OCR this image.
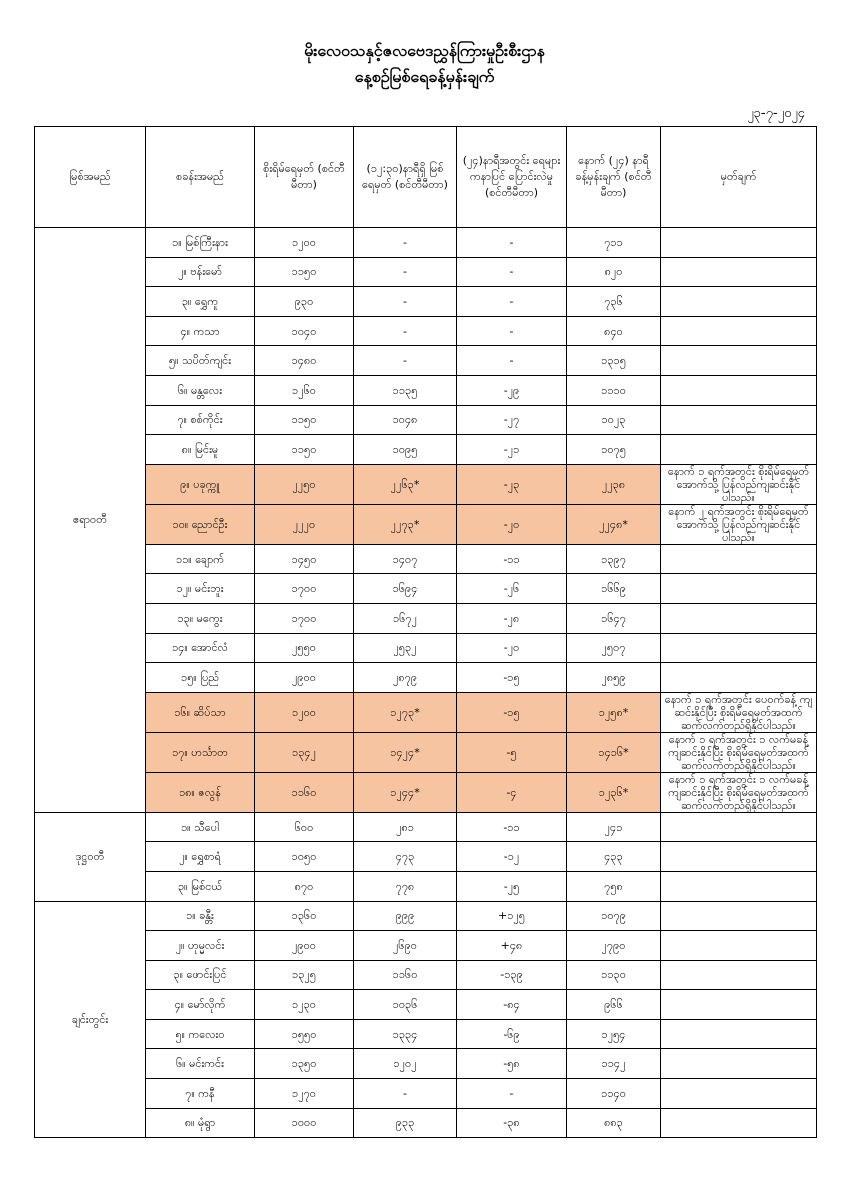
မိုးလေဝသနှင့်ဇလဗေဒညွှန်ကြားမှုဦးစီးဌာန
နေ့စဉ်မြစ်ရေခန့်မှန်းချက်
၂၃-၇-၂၀၂၄
မြစ်အမည်	စခန်းအမည်	စိုးရိမ်ရေမှတ် (စင်တီမီတာ)	(၁၂:၃၀)နာရီရှိ မြစ်ရေမှတ် (စင်တီမီတာ)	(၂၄)နာရီအတွင်း ရေများကနာပြင် ပြောင်းလဲမှု (စင်တီမီတာ)	နောက် (၂၄) နာရီ ခန့်မှန်းချက် (စင်တီမီတာ)	မှတ်ချက်
ဧရာဝတီ	၁။ မြစ်ကြီးနား	၁၂၀၀	-	-	၇၁၁	
	၂။ ဗန်းမော်	၁၁၅၀	-	-	၈၂၀	
	၃။ ရွှေကူ	၉၃၀	-	-	၇၃၆	
	၄။ ကသာ	၁၀၄၀	-	-	၈၄၀	
	၅။ သပိတ်ကျင်း	၁၄၈၀	-	-	၁၃၁၅	
	၆။ မန္တလေး	၁၂၆၀	၁၁၃၅	-၂၉	၁၁၁၀	
	၇။ စစ်ကိုင်း	၁၁၅၀	၁၀၄၈	-၂၇	၁၀၂၃	
	၈။ မြင်းမူ	၁၁၅၀	၁၀၉၅	-၂၁	၁၀၇၅	
	၉။ ပခုက္ကူ	၂၂၅၀	၂၂၆၃*	-၂၃	၂၂၃၈	နောက် ၁ ရက်အတွင်း စိုးရိမ်ရေမှတ်အောက်သို့ ပြန်လည်ကျဆင်းနိုင်ပါသည်။
	၁၀။ ညောင်ဦး	၂၂၂၀	၂၂၇၃*	-၂၀	၂၂၄၈*	နောက် ၂ ရက်အတွင်း စိုးရိမ်ရေမှတ်အောက်သို့ ပြန်လည်ကျဆင်းနိုင်ပါသည်။
	၁၁။ ချောက်	၁၄၅၀	၁၄၀၇	-၁၁	၁၃၉၇	
	၁၂။ မင်းဘူး	၁၇၀၀	၁၆၉၄	-၂၆	၁၆၆၉	
	၁၃။ မကွေး	၁၇၀၀	၁၆၇၂	-၂၈	၁၆၄၇	
	၁၄။ အောင်လံ	၂၅၅၀	၂၅၃၂	-၂၀	၂၅၀၇	
	၁၅။ ပြည်	၂၉၀၀	၂၈၇၉	-၁၅	၂၈၅၉	
	၁၆။ ဆိပ်သာ	၁၂၀၀	၁၂၇၃*	-၁၅	၁၂၅၈*	နောက် ၁ ရက်အတွင်း ပေ၀က်ခန့် ကျဆင်းနိုင်ပြီး စိုးရိမ်ရေမှတ်အထက်ဆက်လက်တည်ရှိနိုင်ပါသည်။
	၁၇။ ဟင်္သာတ	၁၃၄၂	၁၄၂၄*	-၅	၁၄၁၆*	နောက် ၁ ရက်အတွင်း ၁ လက်မခန့် ကျဆင်းနိုင်ပြီး စိုးရိမ်ရေမှတ်အထက်ဆက်လက်တည်ရှိနိုင်ပါသည်။
	၁၈။ ဇလွန်	၁၁၆၀	၁၂၄၄*	-၄	၁၂၃၆*	နောက် ၁ ရက်အတွင်း ၁ လက်မခန့် ကျဆင်းနိုင်ပြီး စိုးရိမ်ရေမှတ်အထက်ဆက်လက်တည်ရှိနိုင်ပါသည်။
ဒုဋ္ဌဝတီ	၁။ သီပေါ	၆၀၀	၂၈၁	-၁၁	၂၄၁	
	၂။ ရွှေစာရံ	၁၀၅၀	၄၇၃	-၁၂	၄၃၃	
	၃။ မြစ်ငယ်	၈၇၀	၇၇၈	-၂၅	၇၅၈	
ချင်းတွင်း	၁။ ခန္တီး	၁၃၆၀	၉၉၉	+၁၂၅	၁၀၇၉	
	၂။ ဟုမ္မလင်း	၂၉၀၀	၂၆၉၀	+၄၈	၂၇၉၀	
	၃။ ဖောင်းပြင်	၁၃၂၅	၁၁၆၀	-၁၃၉	၁၁၃၀	
	၄။ မော်လိုက်	၁၂၃၀	၁၀၃၆	-၈၄	၉၆၆	
	၅။ ကလေးဝ	၁၅၅၀	၁၃၃၄	-၆၉	၁၂၅၄	
	၆။ မင်းကင်း	၁၃၅၀	၁၂၀၂	-၅၈	၁၁၄၂	
	၇။ ကနီ	၁၂၇၀	-	-	၁၁၄၀	
	၈။ မုံရွာ	၁၀၀၀	၉၃၃	-၃၈	၈၈၃	
